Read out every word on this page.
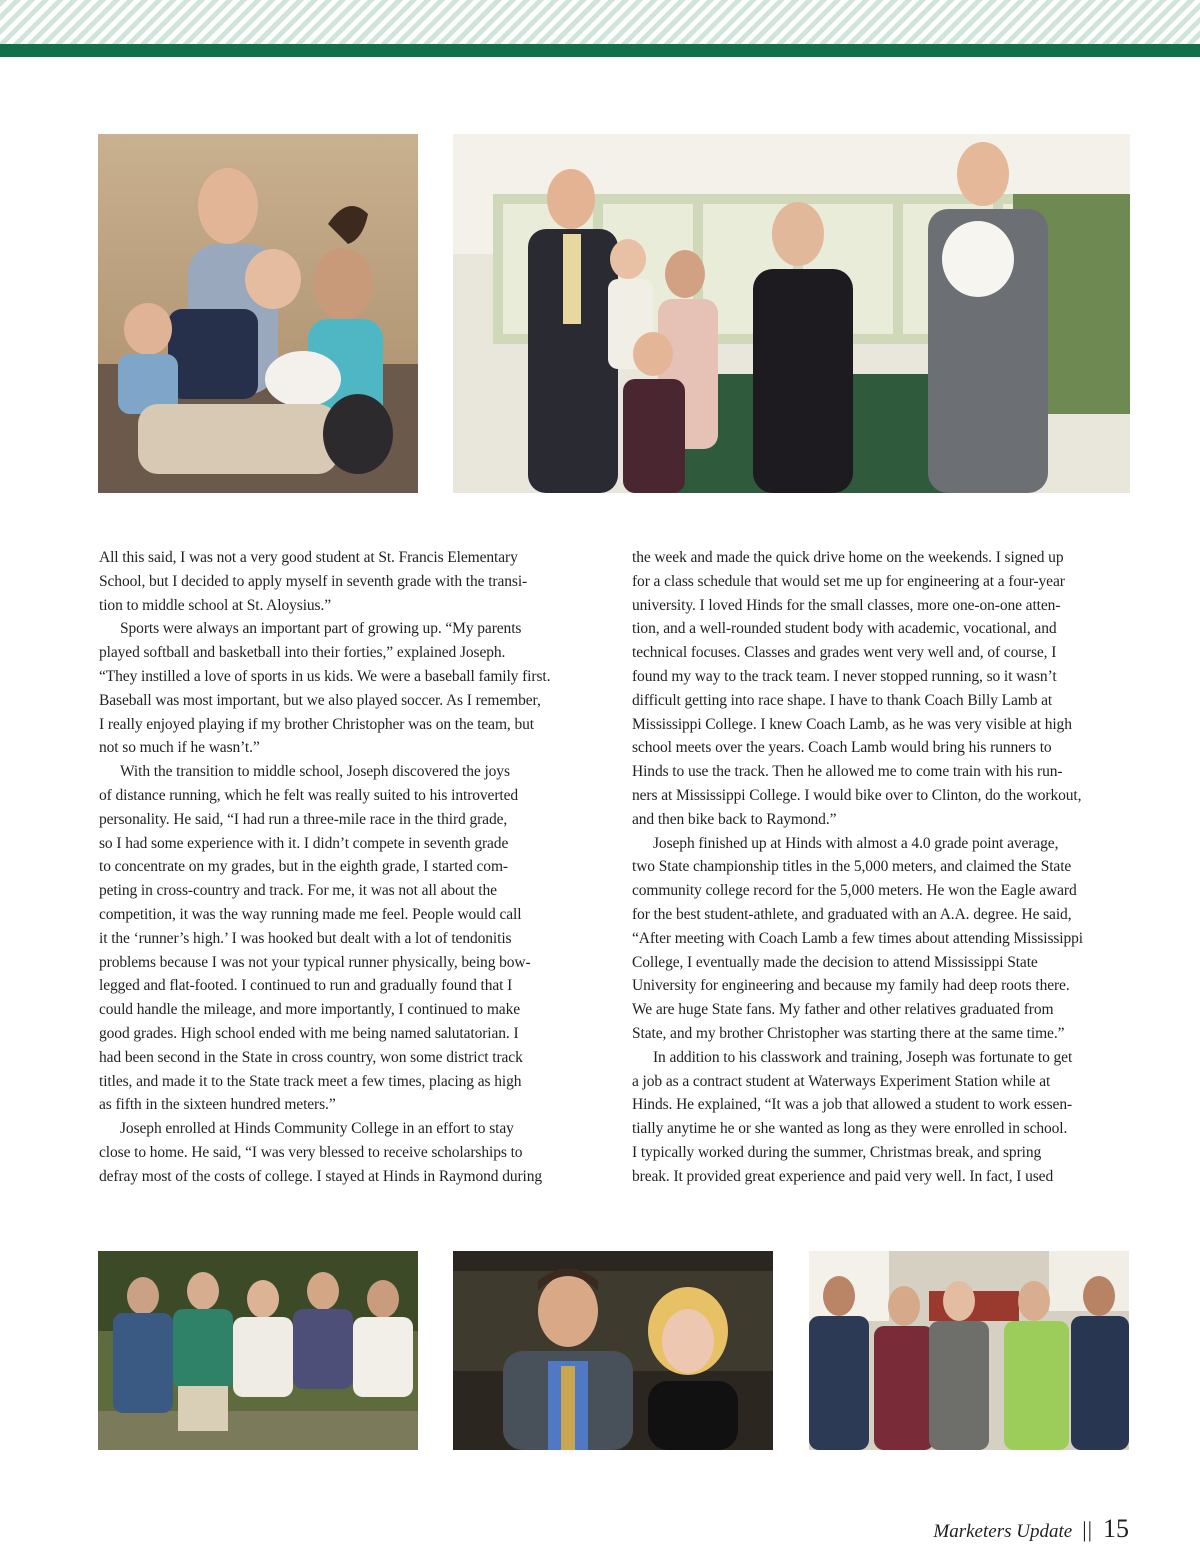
All this said, I was not a very good student at St. Francis Elementary
School, but I decided to apply myself in seventh grade with the transi-
tion to middle school at St. Aloysius.”
Sports were always an important part of growing up. “My parents
played softball and basketball into their forties,” explained Joseph.
“They instilled a love of sports in us kids. We were a baseball family first.
Baseball was most important, but we also played soccer. As I remember,
I really enjoyed playing if my brother Christopher was on the team, but
not so much if he wasn’t.”
With the transition to middle school, Joseph discovered the joys
of distance running, which he felt was really suited to his introverted
personality. He said, “I had run a three-mile race in the third grade,
so I had some experience with it. I didn’t compete in seventh grade
to concentrate on my grades, but in the eighth grade, I started com-
peting in cross-country and track. For me, it was not all about the
competition, it was the way running made me feel. People would call
it the ‘runner’s high.’ I was hooked but dealt with a lot of tendonitis
problems because I was not your typical runner physically, being bow-
legged and flat-footed. I continued to run and gradually found that I
could handle the mileage, and more importantly, I continued to make
good grades. High school ended with me being named salutatorian. I
had been second in the State in cross country, won some district track
titles, and made it to the State track meet a few times, placing as high
as fifth in the sixteen hundred meters.”
Joseph enrolled at Hinds Community College in an effort to stay
close to home. He said, “I was very blessed to receive scholarships to
defray most of the costs of college. I stayed at Hinds in Raymond during
the week and made the quick drive home on the weekends. I signed up
for a class schedule that would set me up for engineering at a four-year
university. I loved Hinds for the small classes, more one-on-one atten-
tion, and a well-rounded student body with academic, vocational, and
technical focuses. Classes and grades went very well and, of course, I
found my way to the track team. I never stopped running, so it wasn’t
difficult getting into race shape. I have to thank Coach Billy Lamb at
Mississippi College. I knew Coach Lamb, as he was very visible at high
school meets over the years. Coach Lamb would bring his runners to
Hinds to use the track. Then he allowed me to come train with his run-
ners at Mississippi College. I would bike over to Clinton, do the workout,
and then bike back to Raymond.”
Joseph finished up at Hinds with almost a 4.0 grade point average,
two State championship titles in the 5,000 meters, and claimed the State
community college record for the 5,000 meters. He won the Eagle award
for the best student-athlete, and graduated with an A.A. degree. He said,
“After meeting with Coach Lamb a few times about attending Mississippi
College, I eventually made the decision to attend Mississippi State
University for engineering and because my family had deep roots there.
We are huge State fans. My father and other relatives graduated from
State, and my brother Christopher was starting there at the same time.”
In addition to his classwork and training, Joseph was fortunate to get
a job as a contract student at Waterways Experiment Station while at
Hinds. He explained, “It was a job that allowed a student to work essen-
tially anytime he or she wanted as long as they were enrolled in school.
I typically worked during the summer, Christmas break, and spring
break. It provided great experience and paid very well. In fact, I used
Marketers Update || 15
